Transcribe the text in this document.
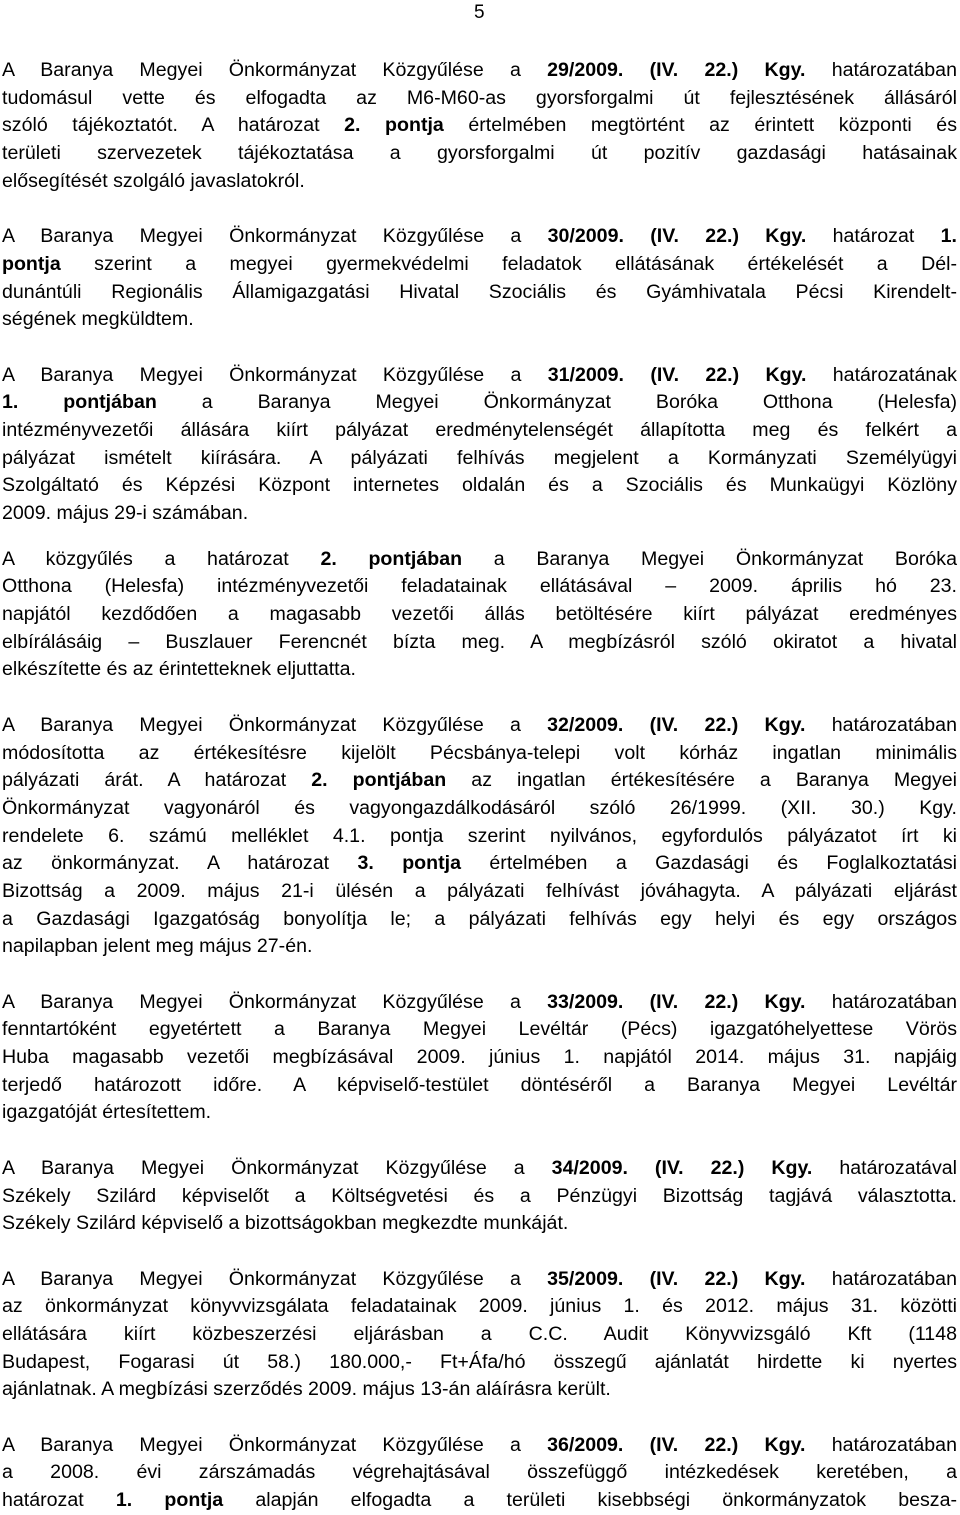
5
A Baranya Megyei Önkormányzat Közgyűlése a 29/2009. (IV. 22.) Kgy. határozatában
tudomásul vette és elfogadta az M6-M60-as gyorsforgalmi út fejlesztésének állásáról
szóló tájékoztatót. A határozat 2. pontja értelmében megtörtént az érintett központi és
területi szervezetek tájékoztatása a gyorsforgalmi út pozitív gazdasági hatásainak
elősegítését szolgáló javaslatokról.
A Baranya Megyei Önkormányzat Közgyűlése a 30/2009. (IV. 22.) Kgy. határozat 1.
pontja szerint a megyei gyermekvédelmi feladatok ellátásának értékelését a Dél-
dunántúli Regionális Államigazgatási Hivatal Szociális és Gyámhivatala Pécsi Kirendelt-
ségének megküldtem.
A Baranya Megyei Önkormányzat Közgyűlése a 31/2009. (IV. 22.) Kgy. határozatának
1. pontjában a Baranya Megyei Önkormányzat Boróka Otthona (Helesfa)
intézményvezetői állására kiírt pályázat eredménytelenségét állapította meg és felkért a
pályázat ismételt kiírására. A pályázati felhívás megjelent a Kormányzati Személyügyi
Szolgáltató és Képzési Központ internetes oldalán és a Szociális és Munkaügyi Közlöny
2009. május 29-i számában.
A közgyűlés a határozat 2. pontjában a Baranya Megyei Önkormányzat Boróka
Otthona (Helesfa) intézményvezetői feladatainak ellátásával – 2009. április hó 23.
napjától kezdődően a magasabb vezetői állás betöltésére kiírt pályázat eredményes
elbírálásáig – Buszlauer Ferencnét bízta meg. A megbízásról szóló okiratot a hivatal
elkészítette és az érintetteknek eljuttatta.
A Baranya Megyei Önkormányzat Közgyűlése a 32/2009. (IV. 22.) Kgy. határozatában
módosította az értékesítésre kijelölt Pécsbánya-telepi volt kórház ingatlan minimális
pályázati árát. A határozat 2. pontjában az ingatlan értékesítésére a Baranya Megyei
Önkormányzat vagyonáról és vagyongazdálkodásáról szóló 26/1999. (XII. 30.) Kgy.
rendelete 6. számú melléklet 4.1. pontja szerint nyilvános, egyfordulós pályázatot írt ki
az önkormányzat. A határozat 3. pontja értelmében a Gazdasági és Foglalkoztatási
Bizottság a 2009. május 21-i ülésén a pályázati felhívást jóváhagyta. A pályázati eljárást
a Gazdasági Igazgatóság bonyolítja le; a pályázati felhívás egy helyi és egy országos
napilapban jelent meg május 27-én.
A Baranya Megyei Önkormányzat Közgyűlése a 33/2009. (IV. 22.) Kgy. határozatában
fenntartóként egyetértett a Baranya Megyei Levéltár (Pécs) igazgatóhelyettese Vörös
Huba magasabb vezetői megbízásával 2009. június 1. napjától 2014. május 31. napjáig
terjedő határozott időre. A képviselő-testület döntéséről a Baranya Megyei Levéltár
igazgatóját értesítettem.
A Baranya Megyei Önkormányzat Közgyűlése a 34/2009. (IV. 22.) Kgy. határozatával
Székely Szilárd képviselőt a Költségvetési és a Pénzügyi Bizottság tagjává választotta.
Székely Szilárd képviselő a bizottságokban megkezdte munkáját.
A Baranya Megyei Önkormányzat Közgyűlése a 35/2009. (IV. 22.) Kgy. határozatában
az önkormányzat könyvvizsgálata feladatainak 2009. június 1. és 2012. május 31. közötti
ellátására kiírt közbeszerzési eljárásban a C.C. Audit Könyvvizsgáló Kft (1148
Budapest, Fogarasi út 58.) 180.000,- Ft+Áfa/hó összegű ajánlatát hirdette ki nyertes
ajánlatnak. A megbízási szerződés 2009. május 13-án aláírásra került.
A Baranya Megyei Önkormányzat Közgyűlése a 36/2009. (IV. 22.) Kgy. határozatában
a 2008. évi zárszámadás végrehajtásával összefüggő intézkedések keretében, a
határozat 1. pontja alapján elfogadta a területi kisebbségi önkormányzatok besza-
